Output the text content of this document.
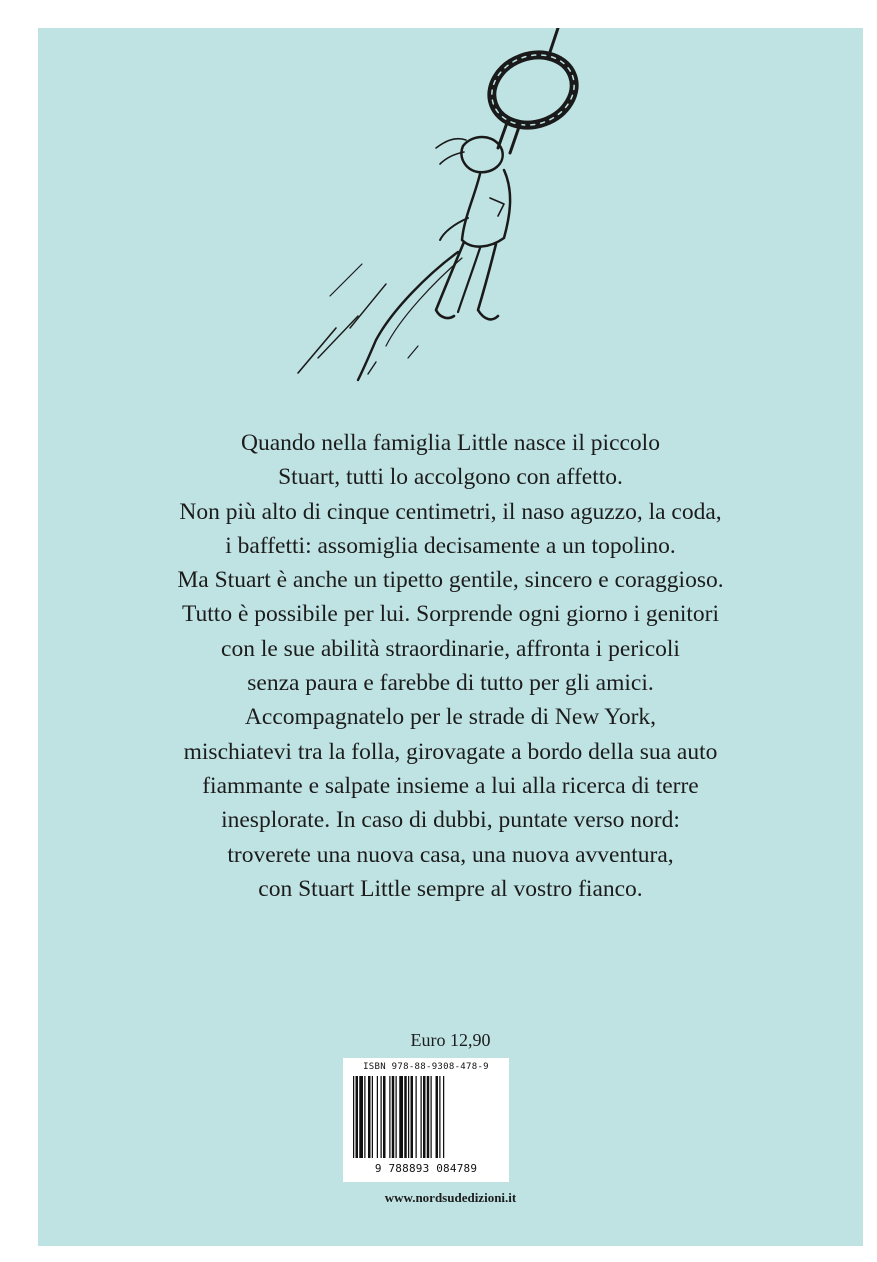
Quando nella famiglia Little nasce il piccolo
Stuart, tutti lo accolgono con affetto.
Non più alto di cinque centimetri, il naso aguzzo, la coda,
i baffetti: assomiglia decisamente a un topolino.
Ma Stuart è anche un tipetto gentile, sincero e coraggioso.
Tutto è possibile per lui. Sorprende ogni giorno i genitori
con le sue abilità straordinarie, affronta i pericoli
senza paura e farebbe di tutto per gli amici.
Accompagnatelo per le strade di New York,
mischiatevi tra la folla, girovagate a bordo della sua auto
fiammante e salpate insieme a lui alla ricerca di terre
inesplorate. In caso di dubbi, puntate verso nord:
troverete una nuova casa, una nuova avventura,
con Stuart Little sempre al vostro fianco.
Euro 12,90
ISBN 978-88-9308-478-9
9 788893 084789
www.nordsudedizioni.it
